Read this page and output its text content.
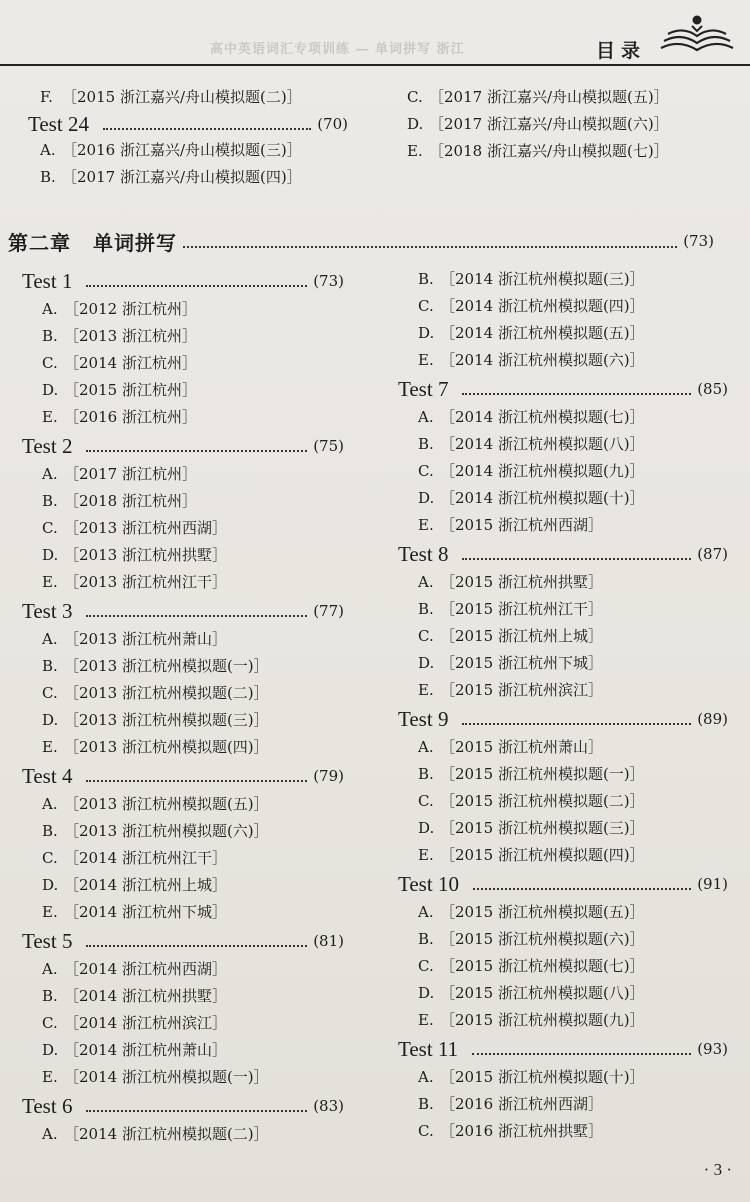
高中英语词汇专项训练 — 单词拼写 浙江	目录
F. ［2015 浙江嘉兴/舟山模拟题(二)］
Test 24	(70)
A. ［2016 浙江嘉兴/舟山模拟题(三)］
B. ［2017 浙江嘉兴/舟山模拟题(四)］
C. ［2017 浙江嘉兴/舟山模拟题(五)］
D. ［2017 浙江嘉兴/舟山模拟题(六)］
E. ［2018 浙江嘉兴/舟山模拟题(七)］
第二章 单词拼写	(73)
Test 1	(73)
A. ［2012 浙江杭州］
B. ［2013 浙江杭州］
C. ［2014 浙江杭州］
D. ［2015 浙江杭州］
E. ［2016 浙江杭州］
Test 2	(75)
A. ［2017 浙江杭州］
B. ［2018 浙江杭州］
C. ［2013 浙江杭州西湖］
D. ［2013 浙江杭州拱墅］
E. ［2013 浙江杭州江干］
Test 3	(77)
A. ［2013 浙江杭州萧山］
B. ［2013 浙江杭州模拟题(一)］
C. ［2013 浙江杭州模拟题(二)］
D. ［2013 浙江杭州模拟题(三)］
E. ［2013 浙江杭州模拟题(四)］
Test 4	(79)
A. ［2013 浙江杭州模拟题(五)］
B. ［2013 浙江杭州模拟题(六)］
C. ［2014 浙江杭州江干］
D. ［2014 浙江杭州上城］
E. ［2014 浙江杭州下城］
Test 5	(81)
A. ［2014 浙江杭州西湖］
B. ［2014 浙江杭州拱墅］
C. ［2014 浙江杭州滨江］
D. ［2014 浙江杭州萧山］
E. ［2014 浙江杭州模拟题(一)］
Test 6	(83)
A. ［2014 浙江杭州模拟题(二)］
B. ［2014 浙江杭州模拟题(三)］
C. ［2014 浙江杭州模拟题(四)］
D. ［2014 浙江杭州模拟题(五)］
E. ［2014 浙江杭州模拟题(六)］
Test 7	(85)
A. ［2014 浙江杭州模拟题(七)］
B. ［2014 浙江杭州模拟题(八)］
C. ［2014 浙江杭州模拟题(九)］
D. ［2014 浙江杭州模拟题(十)］
E. ［2015 浙江杭州西湖］
Test 8	(87)
A. ［2015 浙江杭州拱墅］
B. ［2015 浙江杭州江干］
C. ［2015 浙江杭州上城］
D. ［2015 浙江杭州下城］
E. ［2015 浙江杭州滨江］
Test 9	(89)
A. ［2015 浙江杭州萧山］
B. ［2015 浙江杭州模拟题(一)］
C. ［2015 浙江杭州模拟题(二)］
D. ［2015 浙江杭州模拟题(三)］
E. ［2015 浙江杭州模拟题(四)］
Test 10	(91)
A. ［2015 浙江杭州模拟题(五)］
B. ［2015 浙江杭州模拟题(六)］
C. ［2015 浙江杭州模拟题(七)］
D. ［2015 浙江杭州模拟题(八)］
E. ［2015 浙江杭州模拟题(九)］
Test 11	(93)
A. ［2015 浙江杭州模拟题(十)］
B. ［2016 浙江杭州西湖］
C. ［2016 浙江杭州拱墅］
· 3 ·
